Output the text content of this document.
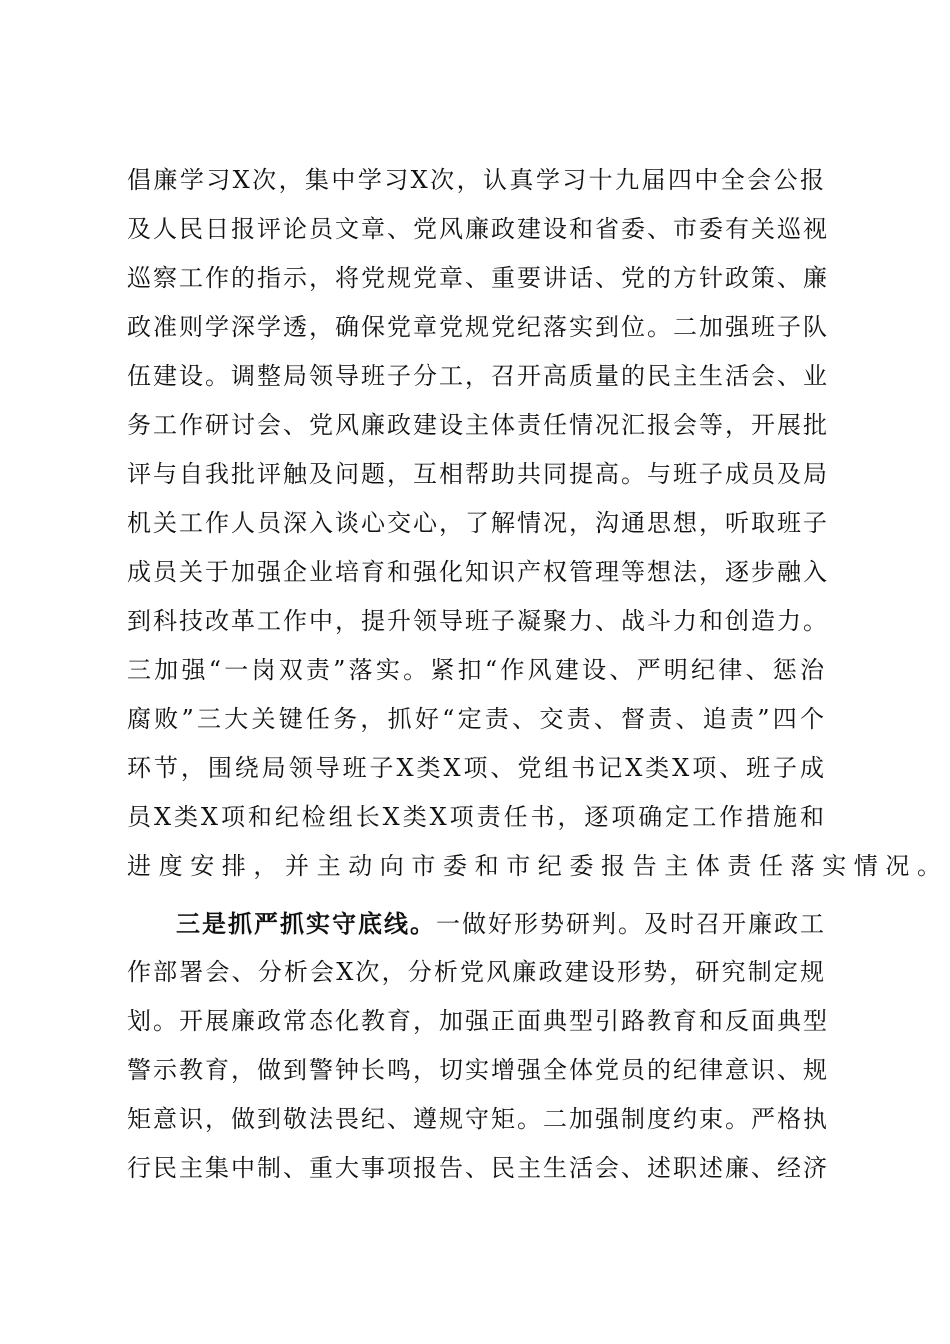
倡廉学习X次，集中学习X次，认真学习十九届四中全会公报
及人民日报评论员文章、党风廉政建设和省委、市委有关巡视
巡察工作的指示，将党规党章、重要讲话、党的方针政策、廉
政准则学深学透，确保党章党规党纪落实到位。二加强班子队
伍建设。调整局领导班子分工，召开高质量的民主生活会、业
务工作研讨会、党风廉政建设主体责任情况汇报会等，开展批
评与自我批评触及问题，互相帮助共同提高。与班子成员及局
机关工作人员深入谈心交心，了解情况，沟通思想，听取班子
成员关于加强企业培育和强化知识产权管理等想法，逐步融入
到科技改革工作中，提升领导班子凝聚力、战斗力和创造力。
三加强“一岗双责”落实。紧扣“作风建设、严明纪律、惩治
腐败”三大关键任务，抓好“定责、交责、督责、追责”四个
环节，围绕局领导班子X类X项、党组书记X类X项、班子成
员X类X项和纪检组长X类X项责任书，逐项确定工作措施和
进度安排，并主动向市委和市纪委报告主体责任落实情况。
三是抓严抓实守底线。一做好形势研判。及时召开廉政工
作部署会、分析会X次，分析党风廉政建设形势，研究制定规
划。开展廉政常态化教育，加强正面典型引路教育和反面典型
警示教育，做到警钟长鸣，切实增强全体党员的纪律意识、规
矩意识，做到敬法畏纪、遵规守矩。二加强制度约束。严格执
行民主集中制、重大事项报告、民主生活会、述职述廉、经济
